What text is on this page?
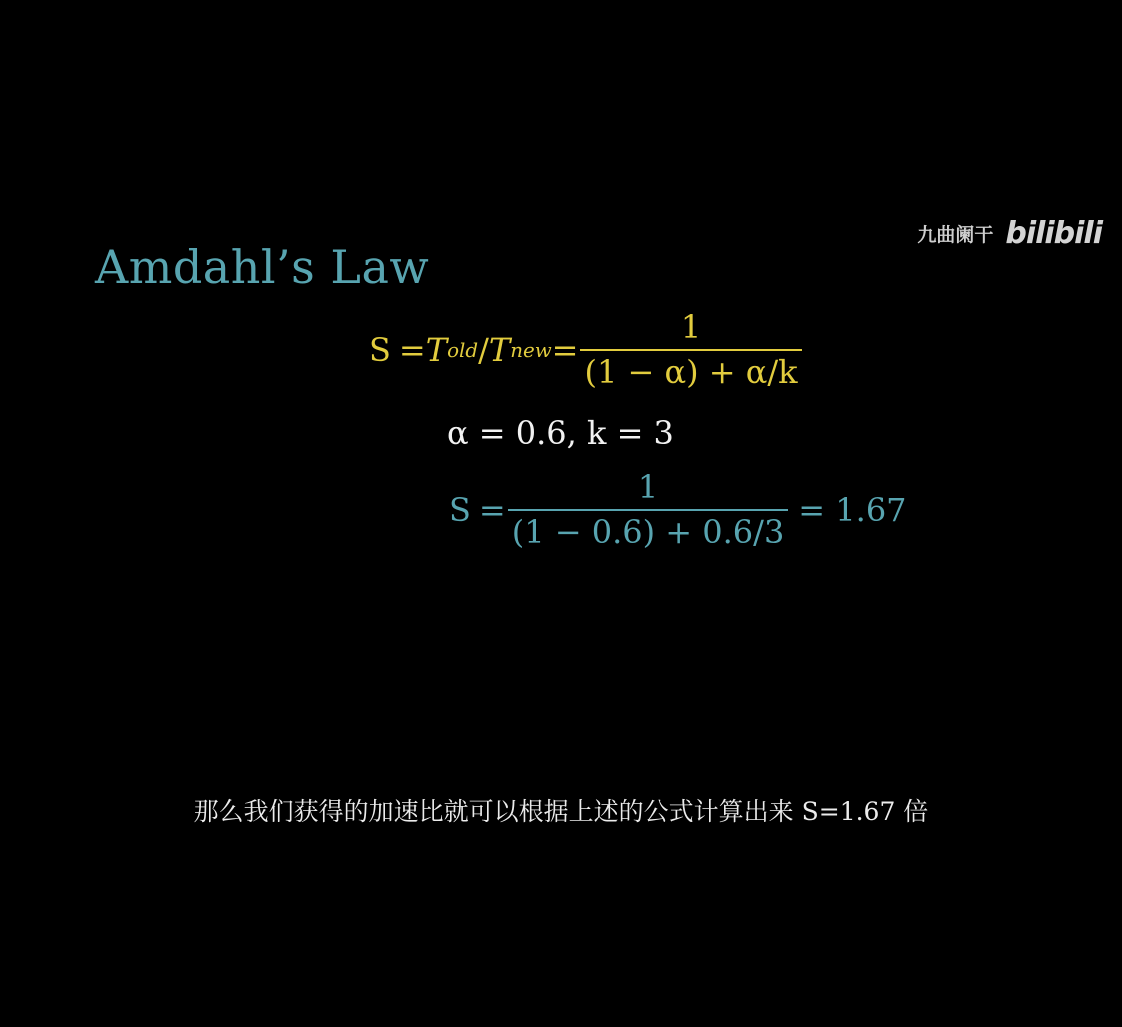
Amdahl’s Law
九曲阑干 bilibili
S = T old / T new = $\frac{1}{(1 - \alpha) + \alpha/k}$
α = 0.6, k = 3
$S = \frac{1}{(1 - 0.6) + 0.6/3} = 1.67$
那么我们获得的加速比就可以根据上述的公式计算出来 S=1.67 倍
